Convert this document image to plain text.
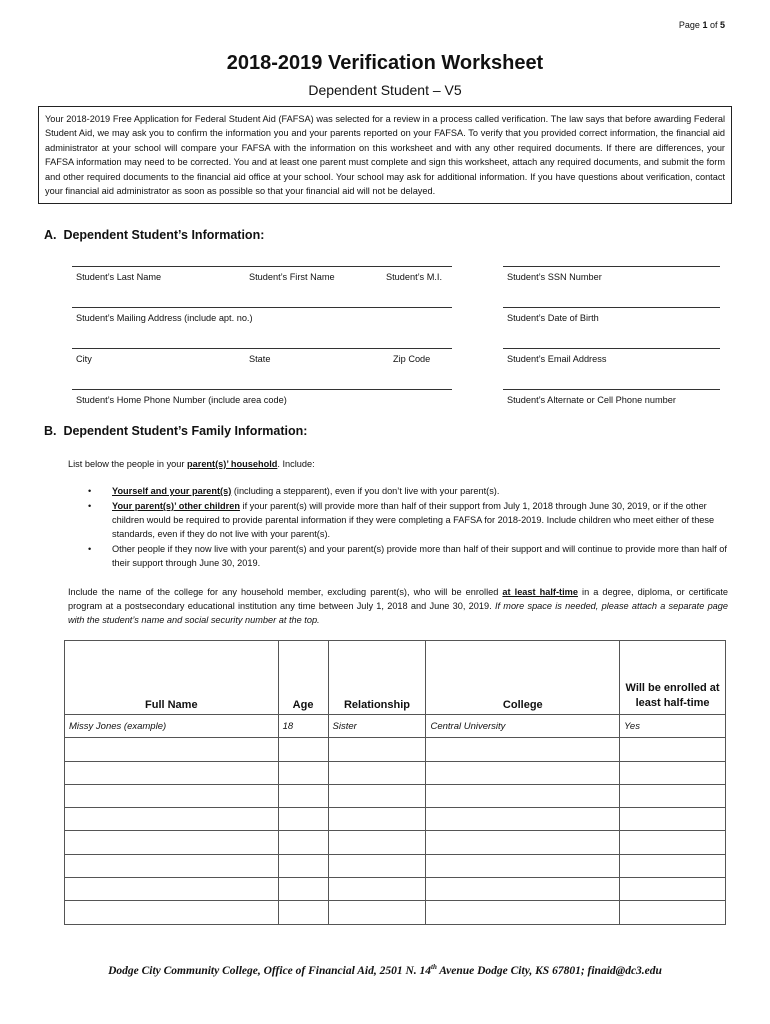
Page 1 of 5
2018-2019 Verification Worksheet
Dependent Student – V5
Your 2018-2019 Free Application for Federal Student Aid (FAFSA) was selected for a review in a process called verification. The law says that before awarding Federal Student Aid, we may ask you to confirm the information you and your parents reported on your FAFSA. To verify that you provided correct information, the financial aid administrator at your school will compare your FAFSA with the information on this worksheet and with any other required documents. If there are differences, your FAFSA information may need to be corrected. You and at least one parent must complete and sign this worksheet, attach any required documents, and submit the form and other required documents to the financial aid office at your school. Your school may ask for additional information. If you have questions about verification, contact your financial aid administrator as soon as possible so that your financial aid will not be delayed.
A.  Dependent Student’s Information:
Student’s Last Name	Student’s First Name	Student’s M.I.	Student’s SSN Number
Student’s Mailing Address (include apt. no.)	Student’s Date of Birth
City	State	Zip Code	Student’s Email Address
Student’s Home Phone Number (include area code)	Student’s Alternate or Cell Phone number
B.  Dependent Student’s Family Information:
List below the people in your parent(s)’ household. Include:
• Yourself and your parent(s) (including a stepparent), even if you don’t live with your parent(s).
• Your parent(s)’ other children if your parent(s) will provide more than half of their support from July 1, 2018 through June 30, 2019, or if the other children would be required to provide parental information if they were completing a FAFSA for 2018-2019. Include children who meet either of these standards, even if they do not live with your parent(s).
• Other people if they now live with your parent(s) and your parent(s) provide more than half of their support and will continue to provide more than half of their support through June 30, 2019.
Include the name of the college for any household member, excluding parent(s), who will be enrolled at least half-time in a degree, diploma, or certificate program at a postsecondary educational institution any time between July 1, 2018 and June 30, 2019. If more space is needed, please attach a separate page with the student’s name and social security number at the top.
Full Name	Age	Relationship	College	Will be enrolled at least half-time
Missy Jones (example)	18	Sister	Central University	Yes

Dodge City Community College, Office of Financial Aid, 2501 N. 14th Avenue Dodge City, KS 67801; finaid@dc3.edu
